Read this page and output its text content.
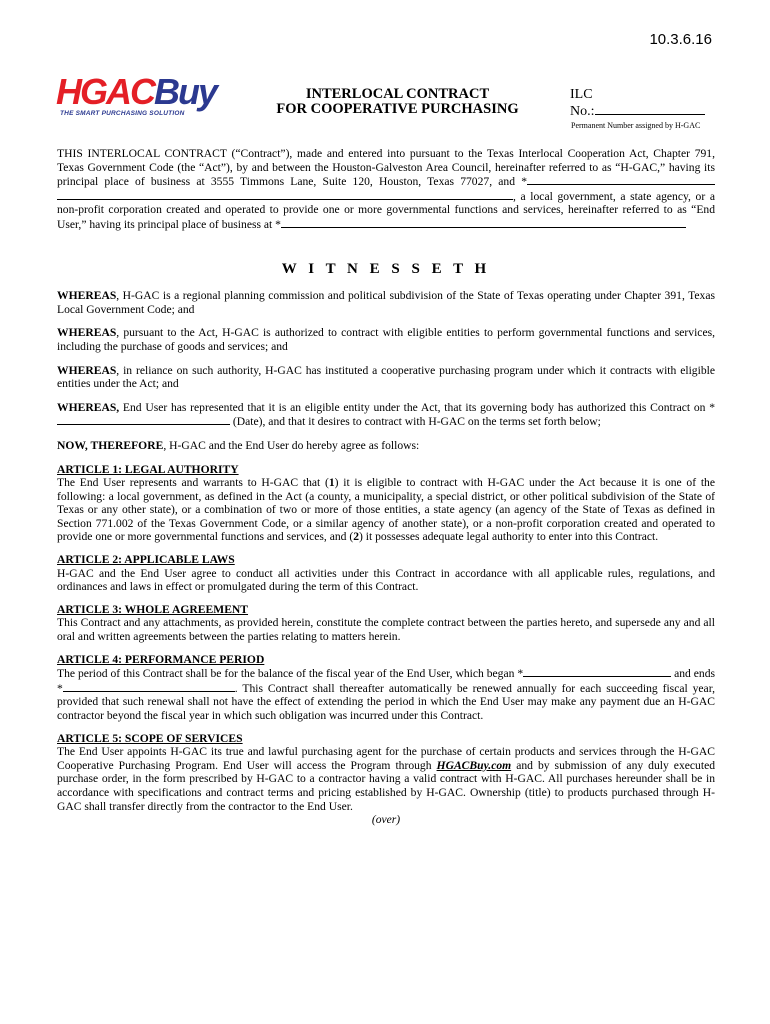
10.3.6.16
HGACBuy
THE SMART PURCHASING SOLUTION
INTERLOCAL CONTRACT
FOR COOPERATIVE PURCHASING
ILC
No.:
Permanent Number assigned by H-GAC

THIS INTERLOCAL CONTRACT (“Contract”), made and entered into pursuant to the Texas Interlocal Cooperation Act, Chapter 791, Texas Government Code (the “Act”), by and between the Houston-Galveston Area Council, hereinafter referred to as “H-GAC,” having its principal place of business at 3555 Timmons Lane, Suite 120, Houston, Texas 77027, and *, a local government, a state agency, or a non-profit corporation created and operated to provide one or more governmental functions and services, hereinafter referred to as “End User,” having its principal place of business at *

W I T N E S S E T H

WHEREAS, H-GAC is a regional planning commission and political subdivision of the State of Texas operating under Chapter 391, Texas Local Government Code; and

WHEREAS, pursuant to the Act, H-GAC is authorized to contract with eligible entities to perform governmental functions and services, including the purchase of goods and services; and

WHEREAS, in reliance on such authority, H-GAC has instituted a cooperative purchasing program under which it contracts with eligible entities under the Act; and

WHEREAS, End User has represented that it is an eligible entity under the Act, that its governing body has authorized this Contract on * (Date), and that it desires to contract with H-GAC on the terms set forth below;

NOW, THEREFORE, H-GAC and the End User do hereby agree as follows:

ARTICLE 1: LEGAL AUTHORITY

The End User represents and warrants to H-GAC that (1) it is eligible to contract with H-GAC under the Act because it is one of the following: a local government, as defined in the Act (a county, a municipality, a special district, or other political subdivision of the State of Texas or any other state), or a combination of two or more of those entities, a state agency (an agency of the State of Texas as defined in Section 771.002 of the Texas Government Code, or a similar agency of another state), or a non-profit corporation created and operated to provide one or more governmental functions and services, and (2) it possesses adequate legal authority to enter into this Contract.

ARTICLE 2: APPLICABLE LAWS

H-GAC and the End User agree to conduct all activities under this Contract in accordance with all applicable rules, regulations, and ordinances and laws in effect or promulgated during the term of this Contract.

ARTICLE 3: WHOLE AGREEMENT

This Contract and any attachments, as provided herein, constitute the complete contract between the parties hereto, and supersede any and all oral and written agreements between the parties relating to matters herein.

ARTICLE 4: PERFORMANCE PERIOD

The period of this Contract shall be for the balance of the fiscal year of the End User, which began *	and ends *	. This Contract shall thereafter automatically be renewed annually for each succeeding fiscal year, provided that such renewal shall not have the effect of extending the period in which the End User may make any payment due an H-GAC contractor beyond the fiscal year in which such obligation was incurred under this Contract.

ARTICLE 5: SCOPE OF SERVICES

The End User appoints H-GAC its true and lawful purchasing agent for the purchase of certain products and services through the H-GAC Cooperative Purchasing Program. End User will access the Program through HGACBuy.com and by submission of any duly executed purchase order, in the form prescribed by H-GAC to a contractor having a valid contract with H-GAC. All purchases hereunder shall be in accordance with specifications and contract terms and pricing established by H-GAC. Ownership (title) to products purchased through H-GAC shall transfer directly from the contractor to the End User.

(over)
